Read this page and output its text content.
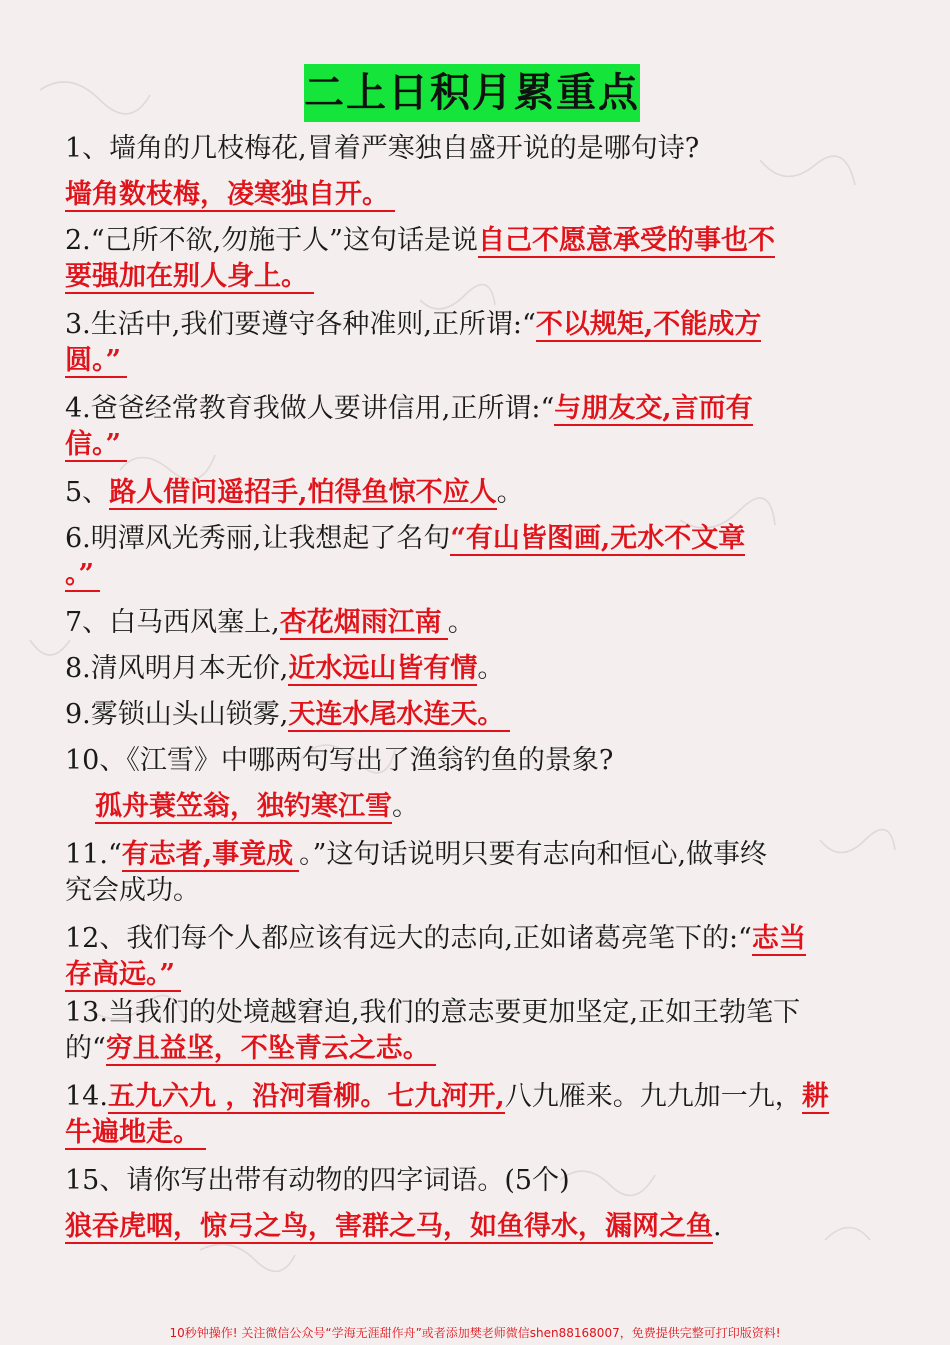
二上日积月累重点
1、墙角的几枝梅花,冒着严寒独自盛开说的是哪句诗?
墙角数枝梅，凌寒独自开。
2.“己所不欲,勿施于人”这句话是说自己不愿意承受的事也不
要强加在别人身上。
3.生活中,我们要遵守各种准则,正所谓:“不以规矩,不能成方
圆。”
4.爸爸经常教育我做人要讲信用,正所谓:“与朋友交,言而有
信。”
5、路人借问遥招手,怕得鱼惊不应人。
6.明潭风光秀丽,让我想起了名句“有山皆图画,无水不文章
。”
7、白马西风塞上,杏花烟雨江南 。
8.清风明月本无价,近水远山皆有情。
9.雾锁山头山锁雾,天连水尾水连天。
10、《江雪》中哪两句写出了渔翁钓鱼的景象?
孤舟蓑笠翁，独钓寒江雪。
11.“有志者,事竟成 。”这句话说明只要有志向和恒心,做事终
究会成功。
12、我们每个人都应该有远大的志向,正如诸葛亮笔下的:“志当
存高远。”
13.当我们的处境越窘迫,我们的意志要更加坚定,正如王勃笔下
的“穷且益坚，不坠青云之志。
14.五九六九 ，沿河看柳。七九河开,八九雁来。九九加一九，耕
牛遍地走。
15、请你写出带有动物的四字词语。(5个)
狼吞虎咽，惊弓之鸟，害群之马，如鱼得水，漏网之鱼.
10秒钟操作! 关注微信公众号“学海无涯甜作舟”或者添加樊老师微信shen88168007，免费提供完整可打印版资料!
